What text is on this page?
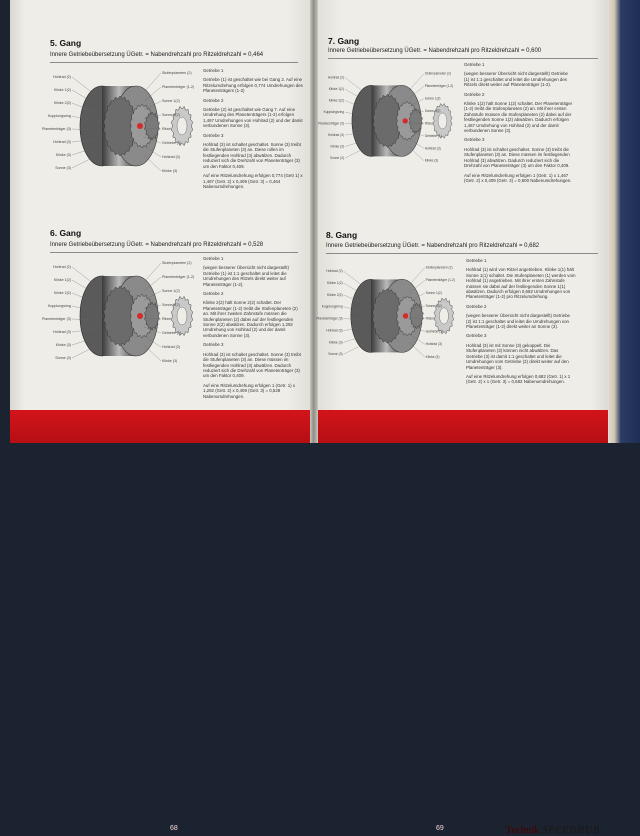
5. Gang
Innere Getriebeübersetzung ÜGetr. = Nabendrehzahl pro Ritzeldrehzahl = 0,464
Hohlrad (2)
Klinke 1(2)
Klinke 2(2)
Kupplungsring
Planetenträger (3)
Hohlrad (3)
Klinke (3)
Sonne (3)
Stufenplaneten (2)
Planetenträger (1-2)
Sonne 1(2)
Sonne 2(2)
Ritzel
Getriebe (1)
Hohlrad (3)
Klinke (3)

Getriebe 1

Getriebe (1) ist geschaltet wie bei Gang 2. Auf eine Ritzelumdrehung erfolgen 0,774 Umdrehungen des Planetenträgers (1-2)

Getriebe 2

Getriebe (2) ist geschaltet wie Gang 7. Auf eine Umdrehung des Planetenträgers (1-2) erfolgen 1,467 Umdrehungen von Hohlrad (2) und der damit verbundenen Sonne (3).

Getriebe 3

Hohlrad (3) ist schaltet geschaltet. Sonne (3) treibt die Stufenplaneten (3) an. Diese rollen im festliegenden Hohlrad (3) abwälzen. Dadurch reduziert sich die Drehzahl von Planetenträger (3) um den Faktor 0,409.

Auf eine Ritzelumdrehung erfolgen 0,774 (Getr 1) x 1,467 (Getr. 2) x 0,409 (Getr. 3) = 0,464 Nabenumdrehungen.

6. Gang
Innere Getriebeübersetzung ÜGetr. = Nabendrehzahl pro Ritzeldrehzahl = 0,528
Hohlrad (2)
Klinke 1(2)
Klinke 2(2)
Kupplungsring
Planetenträger (3)
Hohlrad (3)
Klinke (3)
Sonne (3)
Stufenplaneten (2)
Planetenträger (1-2)
Sonne 1(2)
Sonne 2(2)
Ritzel
Getriebe (1)
Hohlrad (3)
Klinke (3)

Getriebe 1

(wegen besserer Übersicht nicht dargestellt) Getriebe (1) ist 1:1 geschaltet und leitet die Umdrehungen des Ritzels direkt weiter auf Planetenträger (1-2).

Getriebe 2

Klinke 2(2) hält Sonne 2(2) schaltet. Der Planetenträger (1-2) treibt die Stufenplaneten (2) an. Mit ihrer zweiten Zahnstufe müssen die Stufenplaneten (2) dabei auf der festliegenden Sonne 2(2) abwälzen. Dadurch erfolgen 1,292 Umdrehung von Hohlrad (2) und der damit verbundenen Sonne (3).

Getriebe 3

Hohlrad (3) ist schaltet geschaltet. Sonne (3) treibt die Stufenplaneten (3) an. Diese müssen im festliegenden Hohlrad (3) abwälzen. Dadurch reduziert sich die Drehzahl von Planetenträger (3) um den Faktor 0,409.

Auf eine Ritzelumdrehung erfolgen 1 (Getr. 1) x 1,292 (Getr. 2) x 0,409 (Getr. 3) = 0,528 Nabenumdrehungen.

68
7. Gang
Innere Getriebeübersetzung ÜGetr. = Nabendrehzahl pro Ritzeldrehzahl = 0,600
Hohlrad (2)
Klinke 1(2)
Klinke 2(2)
Kupplungsring
Planetenträger (3)
Hohlrad (3)
Klinke (3)
Sonne (3)
Stufenplaneten (2)
Planetenträger (1-2)
Sonne 1(2)
Sonne 2(2)
Ritzel
Getriebe (1)
Hohlrad (3)
Klinke (3)

Getriebe 1

(wegen besserer Übersicht nicht dargestellt) Getriebe (1) ist 1:1 geschaltet und leitet die Umdrehungen des Ritzels direkt weiter auf Planetenträger (1-2).

Getriebe 2

Klinke 1(2) hält Sonne 1(2) schaltet. Der Planetenträger (1-2) treibt die Stufenplaneten (2) an. Mit ihrer ersten Zahnstufe müssen die Stufenplaneten (2) dabei auf der festliegenden Sonne 1(2) abwälzen. Dadurch erfolgen 1,467 Umdrehung von Hohlrad (2) und der damit verbundenen Sonne (3).

Getriebe 3

Hohlrad (3) ist schaltet geschaltet. Sonne (3) treibt die Stufenplaneten (3) an. Diese müssen im festliegenden Hohlrad (3) abwälzen. Dadurch reduziert sich die Drehzahl von Planetenträger (3) um den Faktor 0,409.

Auf eine Ritzelumdrehung erfolgen 1 (Getr. 1) x 1,467 (Getr. 2) x 0,409 (Getr. 3) = 0,600 Nabenumdrehungen.

8. Gang
Innere Getriebeübersetzung ÜGetr. = Nabendrehzahl pro Ritzeldrehzahl = 0,682
Hohlrad (2)
Klinke 1(2)
Klinke 2(2)
Kupplungsring
Planetenträger (3)
Hohlrad (3)
Klinke (3)
Sonne (3)
Stufenplaneten (2)
Planetenträger (1-2)
Sonne 1(2)
Sonne 2(2)
Ritzel
Getriebe (1)
Hohlrad (3)
Klinke (3)

Getriebe 1

Hohlrad (1) wird von Ritzel angetrieben. Klinke 1(1) hält Sonne 1(1) schaltet. Die Stufenplaneten (1) werden vom Hohlrad (1) angetrieben. Mit ihrer ersten Zahnstufe müssen sie dabei auf der festliegenden Sonne 1(1) abwälzen. Dadurch erfolgen 0,682 Umdrehungen von Planetenträger (1-2) pro Ritzelumdrehung.

Getriebe 2

(wegen besserer Übersicht nicht dargestellt) Getriebe (2) ist 1:1 geschaltet und leitet die Umdrehungen von Planetenträger (1-2) direkt weiter an Sonne (3).

Getriebe 3

Hohlrad (3) ist mit Sonne (3) gekoppelt. Die Stufenplaneten (3) können nicht abwälzen. Das Getriebe (3) ist damit 1:1 geschaltet und leitet die Umdrehungen vom Getriebe (2) direkt weiter auf den Planetenträger (3).

Auf eine Ritzelumdrehung erfolgen 0,682 (Getr. 1) x 1 (Getr. 2) x 1 (Getr. 3) = 0,682 Nabenumdrehungen.

69	Technik SPEEDHUB
